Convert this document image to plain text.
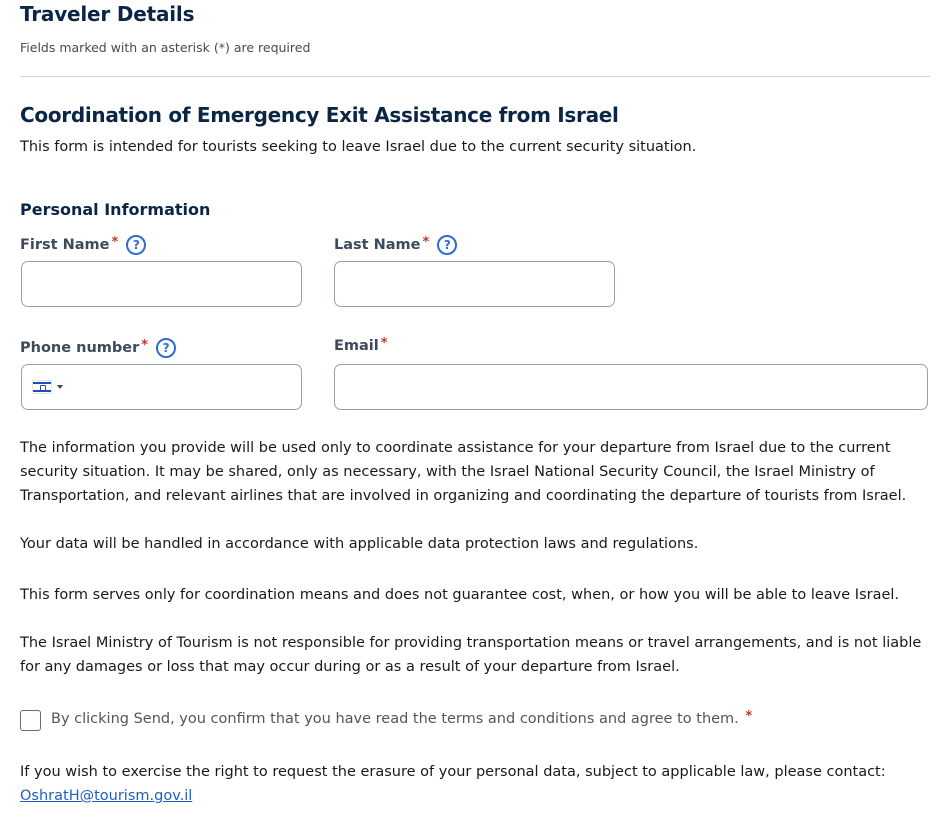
Traveler Details
Fields marked with an asterisk (*) are required
Coordination of Emergency Exit Assistance from Israel
This form is intended for tourists seeking to leave Israel due to the current security situation.
Personal Information
First Name *	?	Last Name *	?
Phone number *	?	Email *
The information you provide will be used only to coordinate assistance for your departure from Israel due to the current security situation. It may be shared, only as necessary, with the Israel National Security Council, the Israel Ministry of Transportation, and relevant airlines that are involved in organizing and coordinating the departure of tourists from Israel.
Your data will be handled in accordance with applicable data protection laws and regulations.
This form serves only for coordination means and does not guarantee cost, when, or how you will be able to leave Israel.
The Israel Ministry of Tourism is not responsible for providing transportation means or travel arrangements, and is not liable for any damages or loss that may occur during or as a result of your departure from Israel.
By clicking Send, you confirm that you have read the terms and conditions and agree to them. *
If you wish to exercise the right to request the erasure of your personal data, subject to applicable law, please contact:
OshratH@tourism.gov.il
